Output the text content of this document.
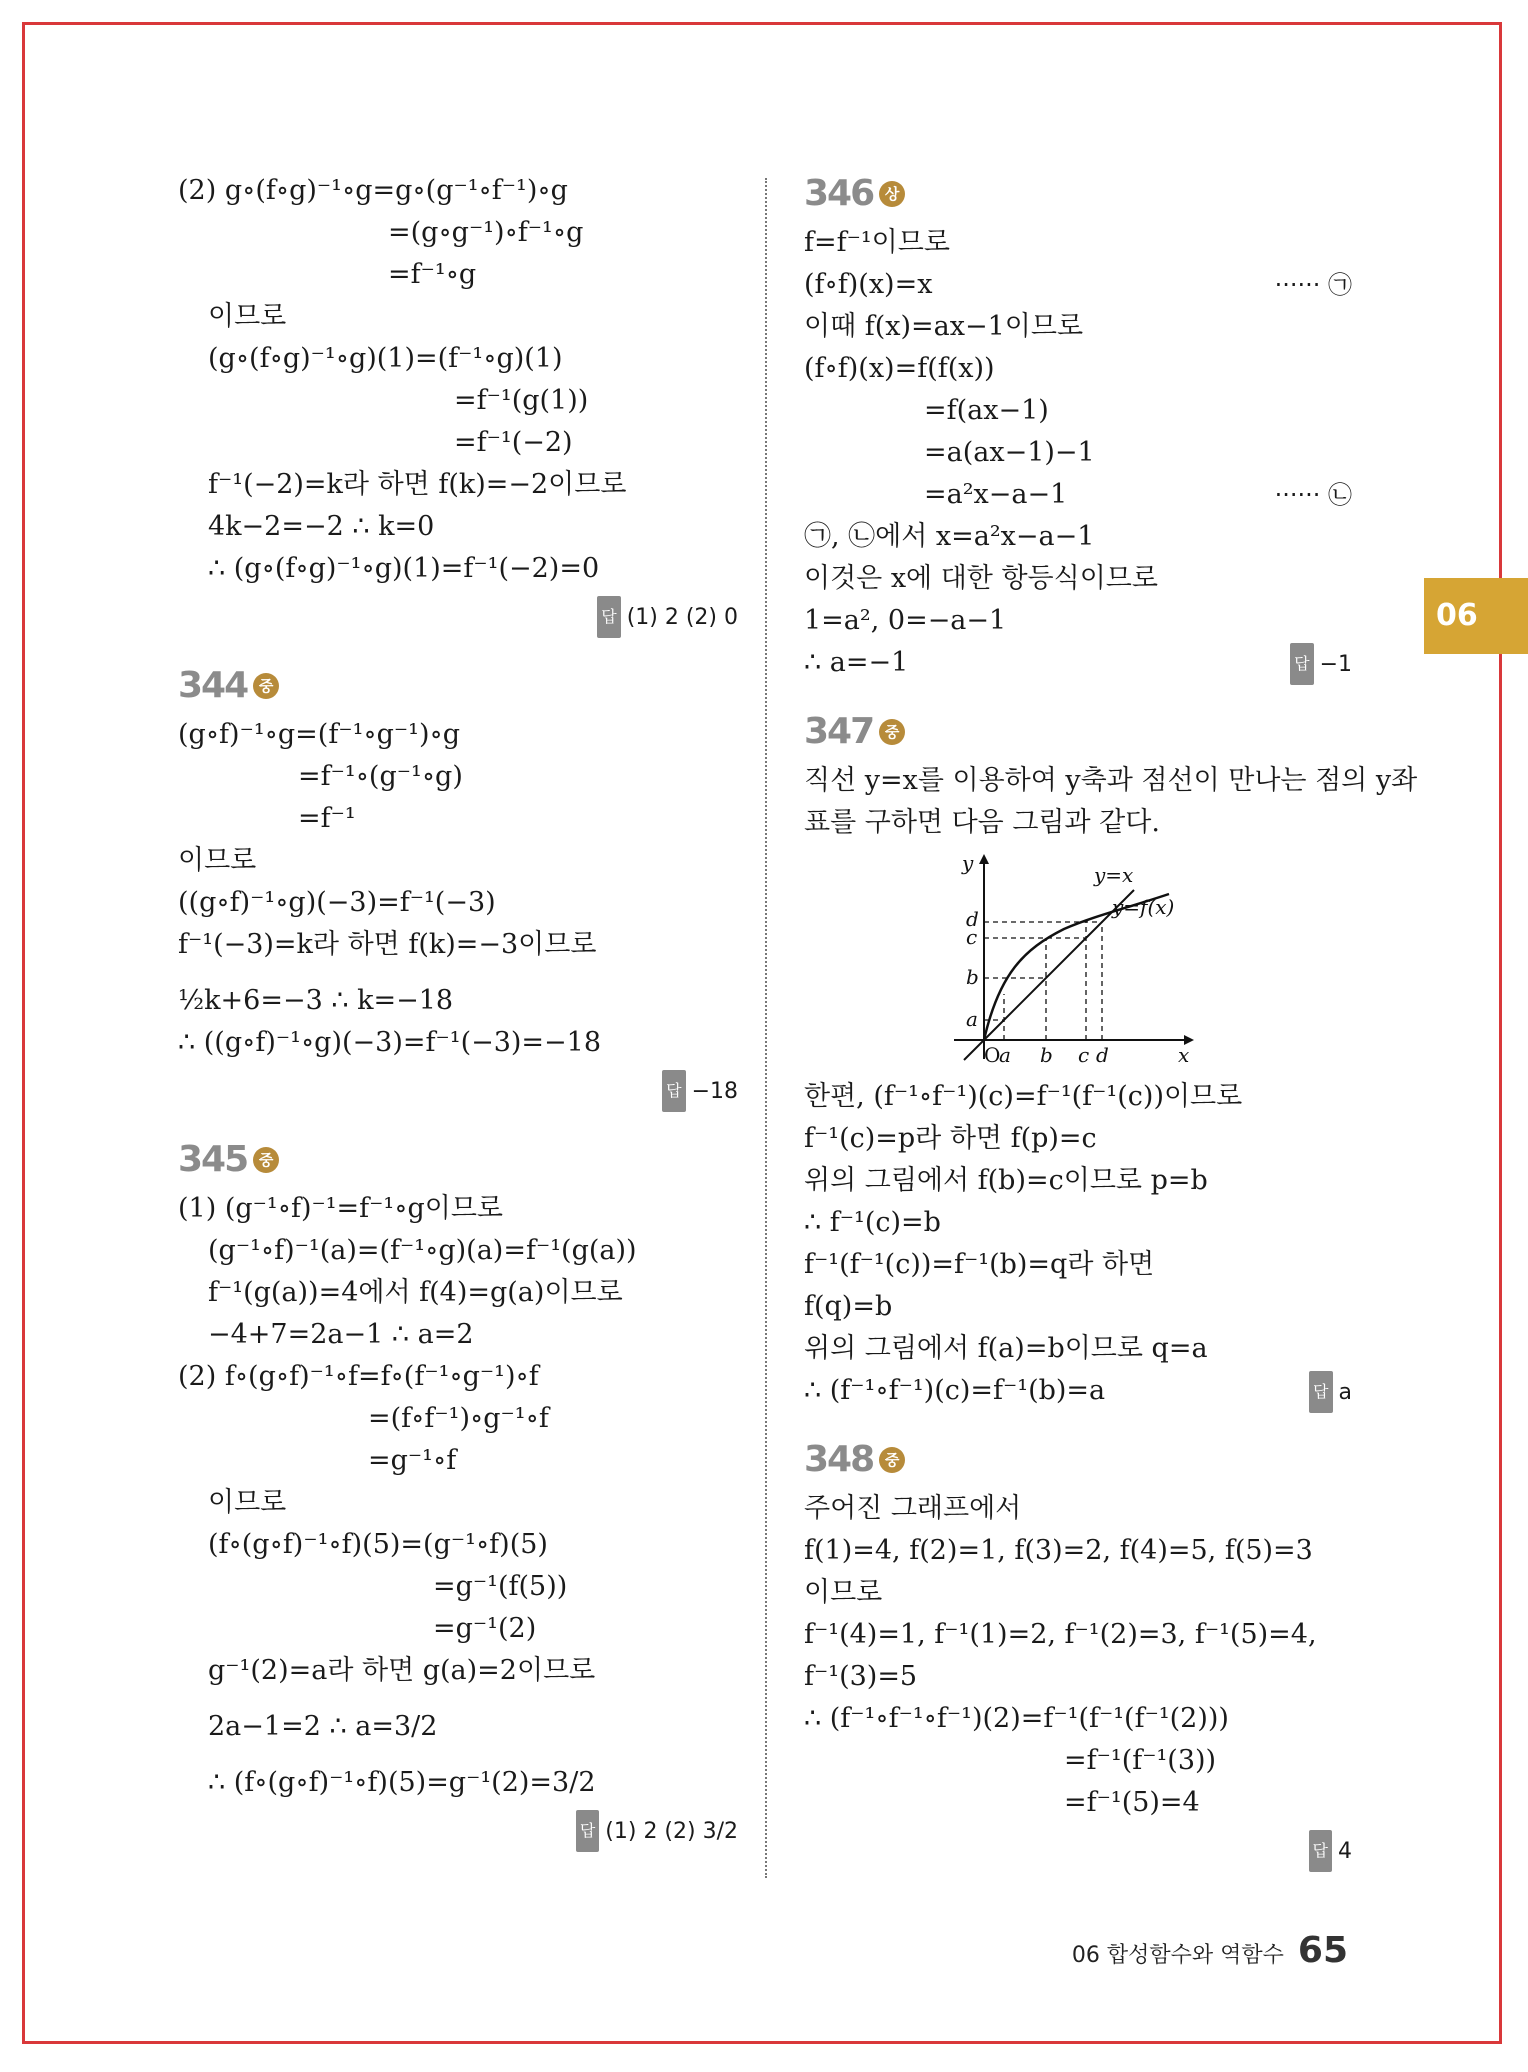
06
(2) g∘(f∘g)⁻¹∘g=g∘(g⁻¹∘f⁻¹)∘g
=(g∘g⁻¹)∘f⁻¹∘g
=f⁻¹∘g
이므로
(g∘(f∘g)⁻¹∘g)(1)=(f⁻¹∘g)(1)
=f⁻¹(g(1))
=f⁻¹(−2)
f⁻¹(−2)=k라 하면 f(k)=−2이므로
4k−2=−2 ∴ k=0
∴ (g∘(f∘g)⁻¹∘g)(1)=f⁻¹(−2)=0
답 (1) 2 (2) 0
344 중
(g∘f)⁻¹∘g=(f⁻¹∘g⁻¹)∘g
=f⁻¹∘(g⁻¹∘g)
=f⁻¹
이므로
((g∘f)⁻¹∘g)(−3)=f⁻¹(−3)
f⁻¹(−3)=k라 하면 f(k)=−3이므로
½k+6=−3 ∴ k=−18
∴ ((g∘f)⁻¹∘g)(−3)=f⁻¹(−3)=−18
답 −18
345 중
(1) (g⁻¹∘f)⁻¹=f⁻¹∘g이므로
(g⁻¹∘f)⁻¹(a)=(f⁻¹∘g)(a)=f⁻¹(g(a))
f⁻¹(g(a))=4에서 f(4)=g(a)이므로
−4+7=2a−1 ∴ a=2
(2) f∘(g∘f)⁻¹∘f=f∘(f⁻¹∘g⁻¹)∘f
=(f∘f⁻¹)∘g⁻¹∘f
=g⁻¹∘f
이므로
(f∘(g∘f)⁻¹∘f)(5)=(g⁻¹∘f)(5)
=g⁻¹(f(5))
=g⁻¹(2)
g⁻¹(2)=a라 하면 g(a)=2이므로
2a−1=2 ∴ a=3/2
∴ (f∘(g∘f)⁻¹∘f)(5)=g⁻¹(2)=3/2
답 (1) 2 (2) 3/2
346 상
f=f⁻¹이므로
(f∘f)(x)=x	······ ㉠
이때 f(x)=ax−1이므로
(f∘f)(x)=f(f(x))
=f(ax−1)
=a(ax−1)−1
=a²x−a−1	······ ㉡
㉠, ㉡에서 x=a²x−a−1
이것은 x에 대한 항등식이므로
1=a², 0=−a−1
∴ a=−1	답 −1
347 중
직선 y=x를 이용하여 y축과 점선이 만나는 점의 y좌
표를 구하면 다음 그림과 같다.
y
x
O
a b c d
a
b
c
d
y=x
y=f(x)
한편, (f⁻¹∘f⁻¹)(c)=f⁻¹(f⁻¹(c))이므로
f⁻¹(c)=p라 하면 f(p)=c
위의 그림에서 f(b)=c이므로 p=b
∴ f⁻¹(c)=b
f⁻¹(f⁻¹(c))=f⁻¹(b)=q라 하면
f(q)=b
위의 그림에서 f(a)=b이므로 q=a
∴ (f⁻¹∘f⁻¹)(c)=f⁻¹(b)=a	답 a
348 중
주어진 그래프에서
f(1)=4, f(2)=1, f(3)=2, f(4)=5, f(5)=3
이므로
f⁻¹(4)=1, f⁻¹(1)=2, f⁻¹(2)=3, f⁻¹(5)=4,
f⁻¹(3)=5
∴ (f⁻¹∘f⁻¹∘f⁻¹)(2)=f⁻¹(f⁻¹(f⁻¹(2)))
=f⁻¹(f⁻¹(3))
=f⁻¹(5)=4
답 4
06 합성함수와 역함수 65
